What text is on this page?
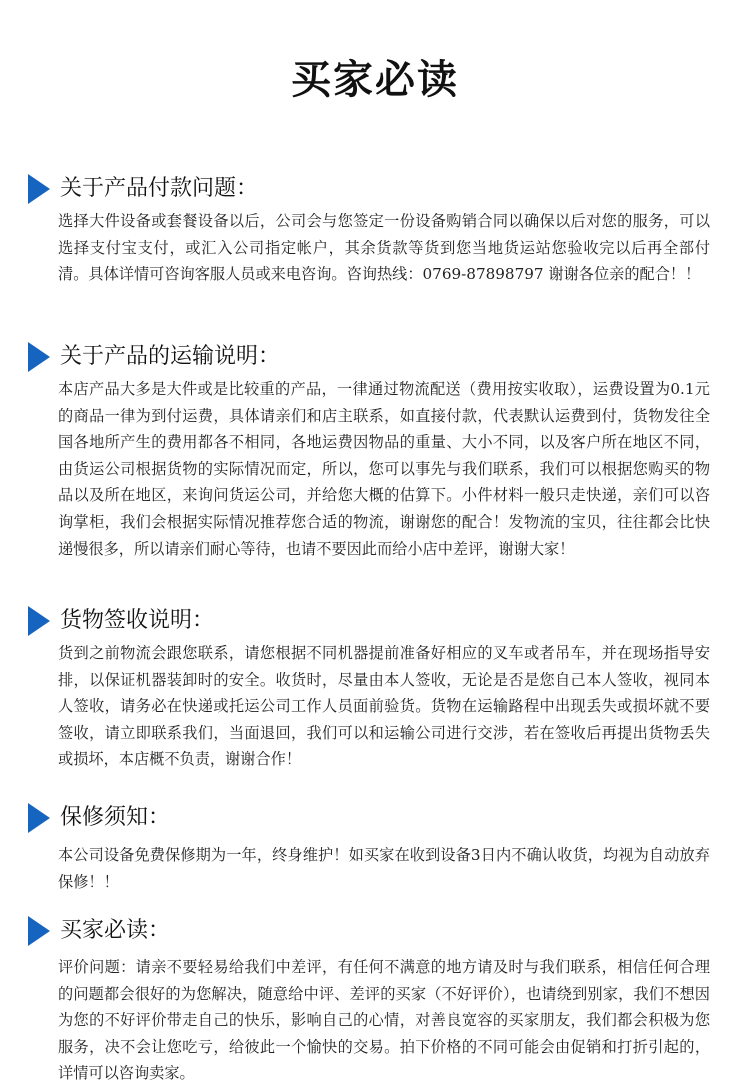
买家必读
关于产品付款问题：
选择大件设备或套餐设备以后，公司会与您签定一份设备购销合同以确保以后对您的服务，可以选择支付宝支付，或汇入公司指定帐户，其余货款等货到您当地货运站您验收完以后再全部付清。具体详情可咨询客服人员或来电咨询。咨询热线：0769-87898797 谢谢各位亲的配合！！
关于产品的运输说明：
本店产品大多是大件或是比较重的产品，一律通过物流配送（费用按实收取），运费设置为0.1元的商品一律为到付运费，具体请亲们和店主联系，如直接付款，代表默认运费到付，货物发往全国各地所产生的费用都各不相同，各地运费因物品的重量、大小不同，以及客户所在地区不同，由货运公司根据货物的实际情况而定，所以，您可以事先与我们联系，我们可以根据您购买的物品以及所在地区，来询问货运公司，并给您大概的估算下。小件材料一般只走快递，亲们可以咨询掌柜，我们会根据实际情况推荐您合适的物流，谢谢您的配合！发物流的宝贝，往往都会比快递慢很多，所以请亲们耐心等待，也请不要因此而给小店中差评，谢谢大家！
货物签收说明：
货到之前物流会跟您联系，请您根据不同机器提前准备好相应的叉车或者吊车，并在现场指导安排，以保证机器装卸时的安全。收货时，尽量由本人签收，无论是否是您自己本人签收，视同本人签收，请务必在快递或托运公司工作人员面前验货。货物在运输路程中出现丢失或损坏就不要签收，请立即联系我们，当面退回，我们可以和运输公司进行交涉，若在签收后再提出货物丢失或损坏，本店概不负责，谢谢合作！
保修须知：
本公司设备免费保修期为一年，终身维护！如买家在收到设备3日内不确认收货，均视为自动放弃保修！！
买家必读：
评价问题：请亲不要轻易给我们中差评，有任何不满意的地方请及时与我们联系，相信任何合理的问题都会很好的为您解决，随意给中评、差评的买家（不好评价），也请绕到别家，我们不想因为您的不好评价带走自己的快乐，影响自己的心情，对善良宽容的买家朋友，我们都会积极为您服务，决不会让您吃亏，给彼此一个愉快的交易。拍下价格的不同可能会由促销和打折引起的，详情可以咨询卖家。
